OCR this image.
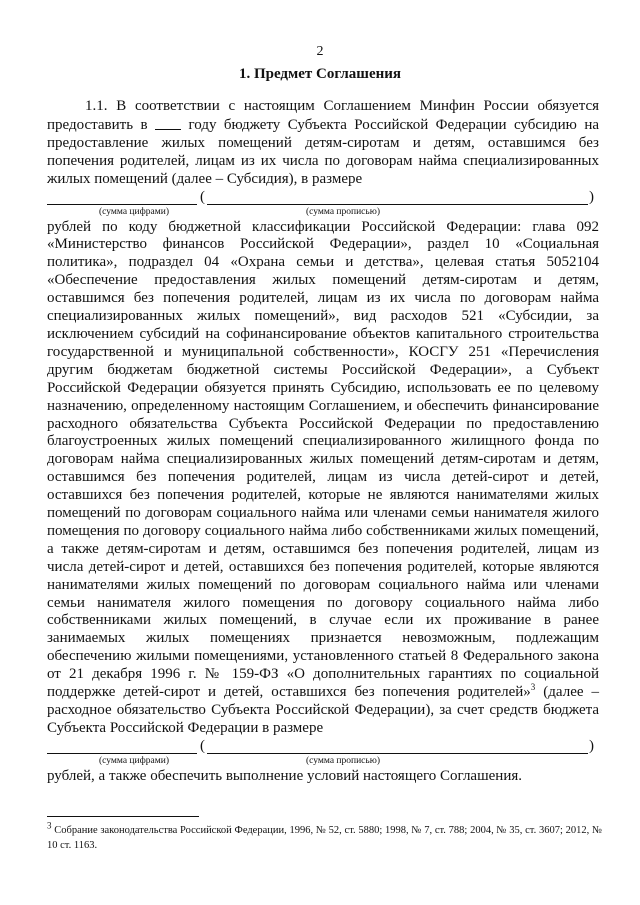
2
1. Предмет Соглашения

1.1. В соответствии с настоящим Соглашением Минфин России обязуется предоставить в	году бюджету Субъекта Российской Федерации субсидию на предоставление жилых помещений детям-сиротам и детям, оставшимся без попечения родителей, лицам из их числа по договорам найма специализированных жилых помещений (далее – Субсидия), в размере

(	)
(сумма цифрами)	(сумма прописью)

рублей по коду бюджетной классификации Российской Федерации: глава 092 «Министерство финансов Российской Федерации», раздел 10 «Социальная политика», подраздел 04 «Охрана семьи и детства», целевая статья 5052104 «Обеспечение предоставления жилых помещений детям-сиротам и детям, оставшимся без попечения родителей, лицам из их числа по договорам найма специализированных жилых помещений», вид расходов 521 «Субсидии, за исключением субсидий на софинансирование объектов капитального строительства государственной и муниципальной собственности», КОСГУ 251 «Перечисления другим бюджетам бюджетной системы Российской Федерации», а Субъект Российской Федерации обязуется принять Субсидию, использовать ее по целевому назначению, определенному настоящим Соглашением, и обеспечить финансирование расходного обязательства Субъекта Российской Федерации по предоставлению благоустроенных жилых помещений специализированного жилищного фонда по договорам найма специализированных жилых помещений детям-сиротам и детям, оставшимся без попечения родителей, лицам из числа детей-сирот и детей, оставшихся без попечения родителей, которые не являются нанимателями жилых помещений по договорам социального найма или членами семьи нанимателя жилого помещения по договору социального найма либо собственниками жилых помещений, а также детям-сиротам и детям, оставшимся без попечения родителей, лицам из числа детей-сирот и детей, оставшихся без попечения родителей, которые являются нанимателями жилых помещений по договорам социального найма или членами семьи нанимателя жилого помещения по договору социального найма либо собственниками жилых помещений, в случае если их проживание в ранее занимаемых жилых помещениях признается невозможным, подлежащим обеспечению жилыми помещениями, установленного статьей 8 Федерального закона от 21 декабря 1996 г. № 159-ФЗ «О дополнительных гарантиях по социальной поддержке детей-сирот и детей, оставшихся без попечения родителей»$^3$ (далее – расходное обязательство Субъекта Российской Федерации), за счет средств бюджета Субъекта Российской Федерации в размере

(	)
(сумма цифрами)	(сумма прописью)

рублей, а также обеспечить выполнение условий настоящего Соглашения.

$^3$ Собрание законодательства Российской Федерации, 1996, № 52, ст. 5880; 1998, № 7, ст. 788; 2004, № 35, ст. 3607; 2012, № 10 ст. 1163.
